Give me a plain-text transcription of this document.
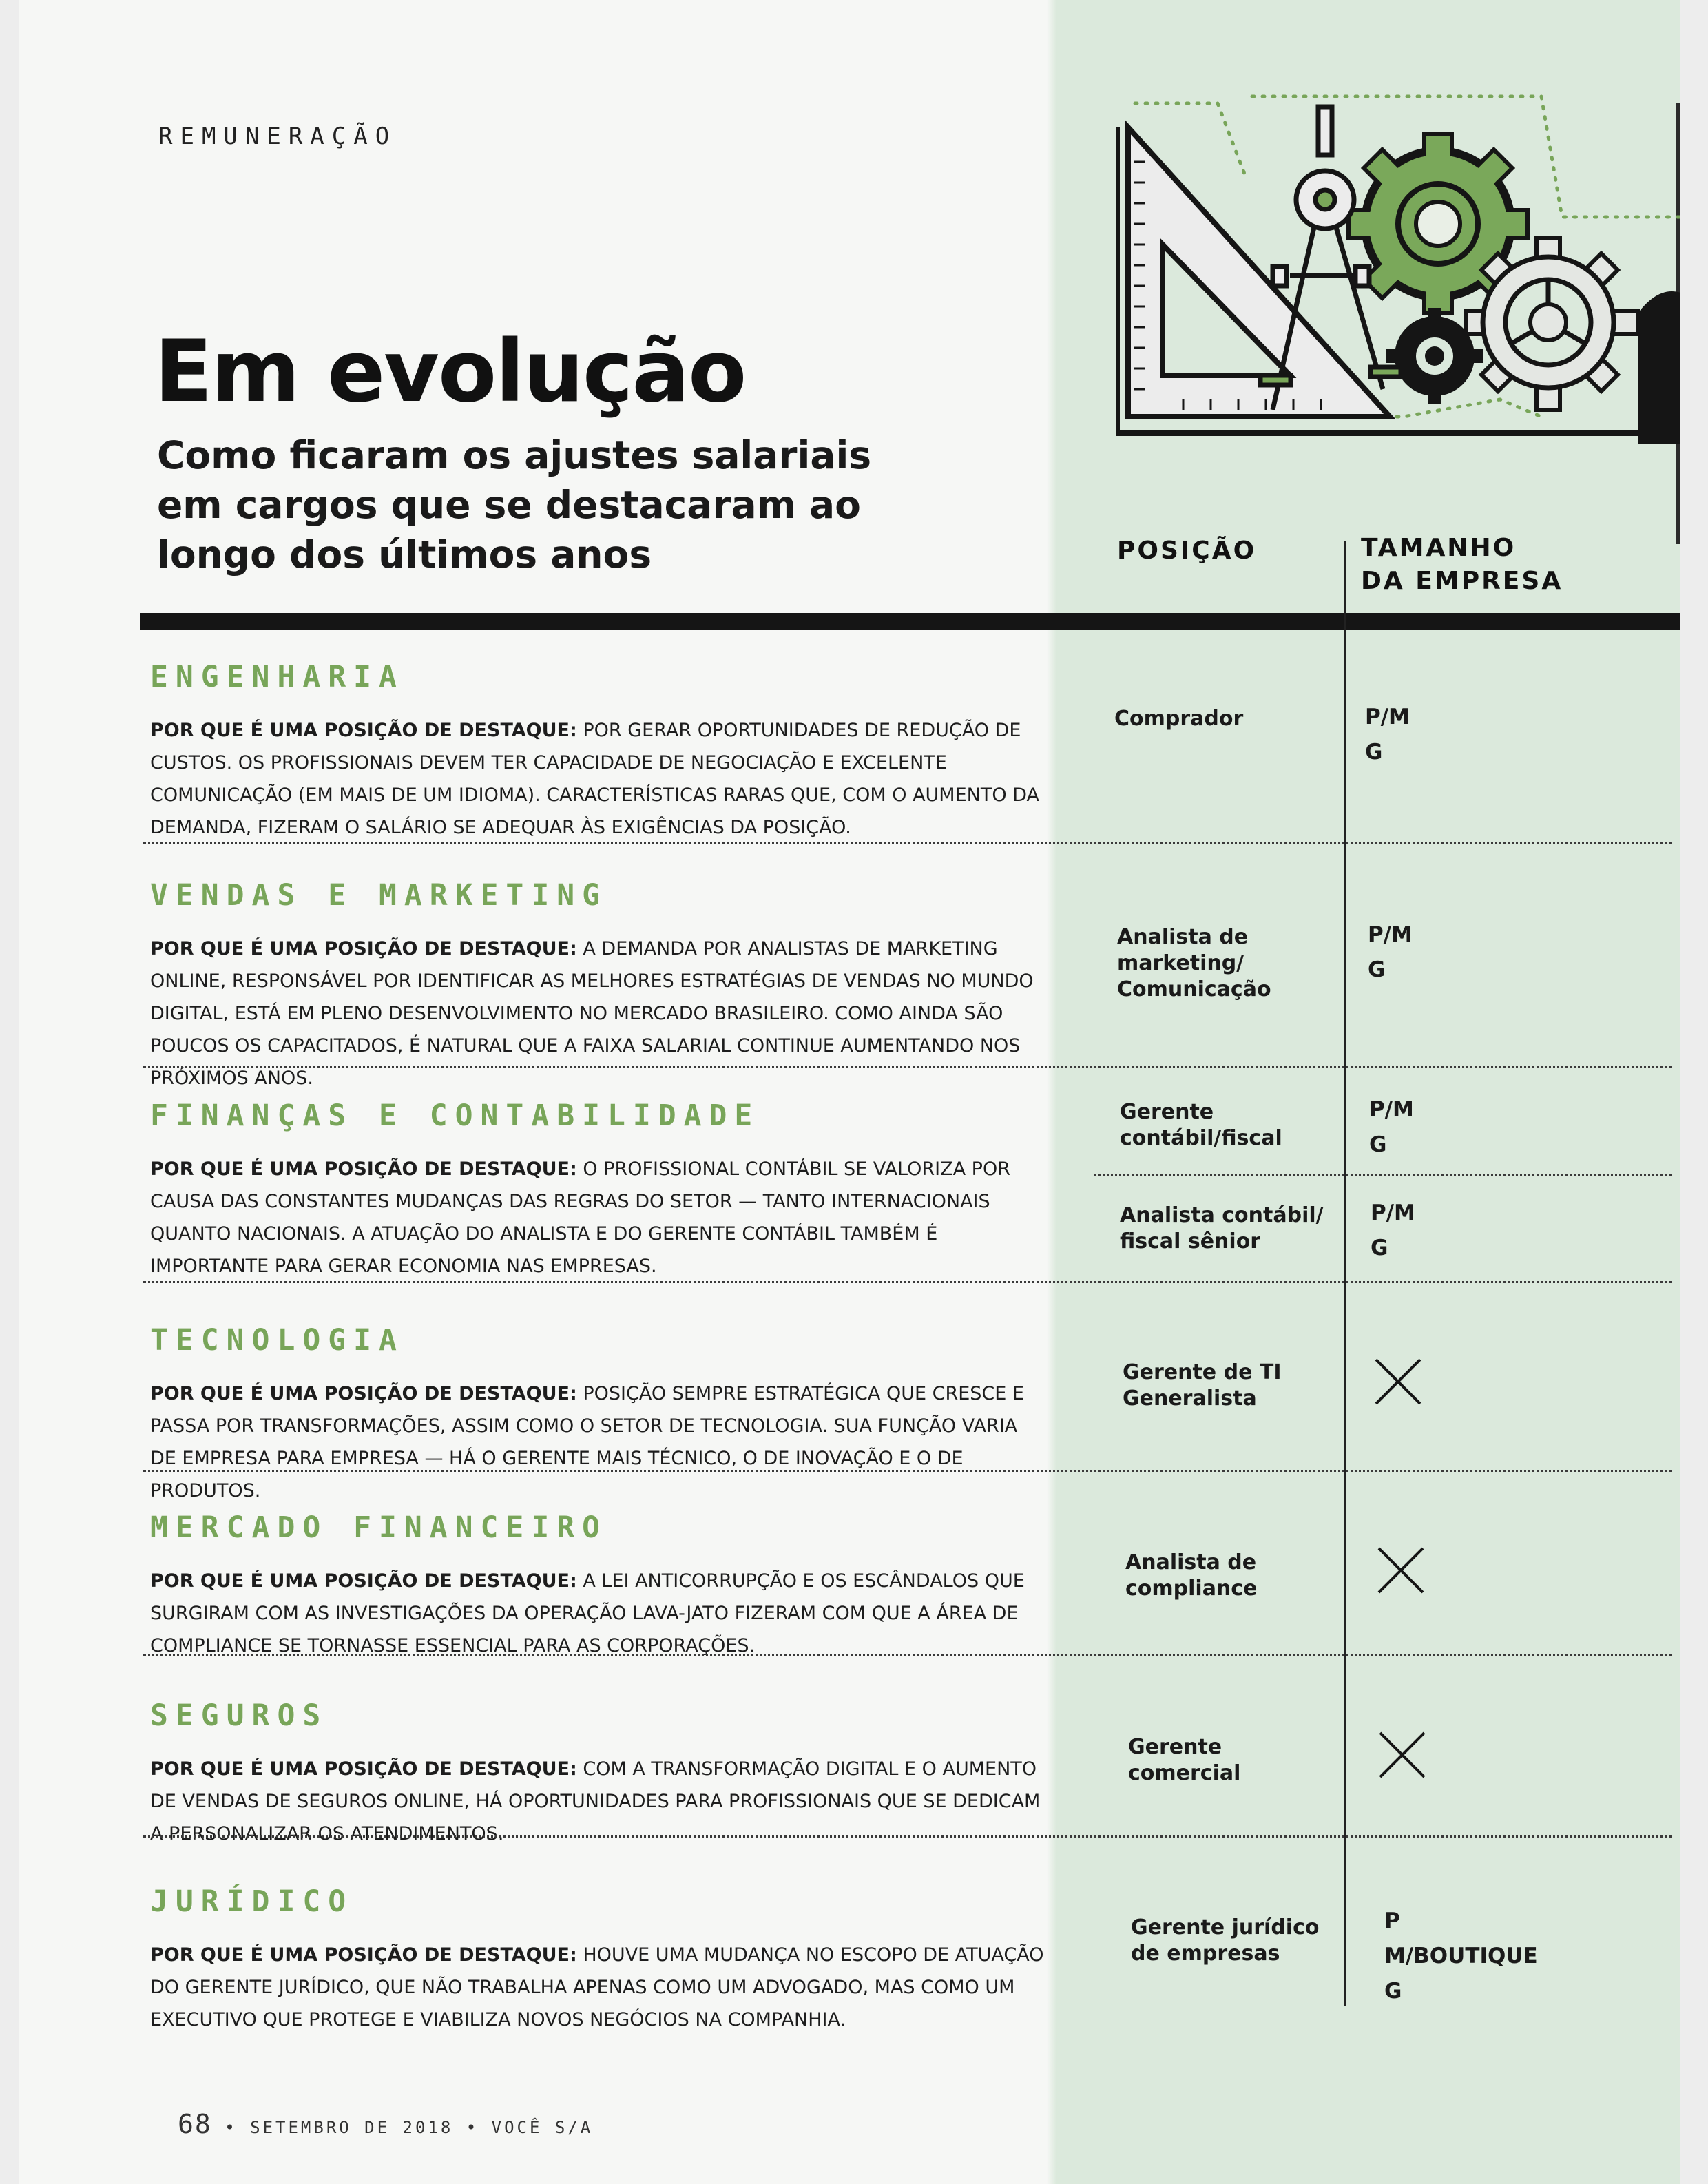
REMUNERAÇÃO
Em evolução
Como ficaram os ajustes salariais em cargos que se destacaram ao longo dos últimos anos	POSIÇÃO	TAMANHO
DA EMPRESA
ENGENHARIA

POR QUE É UMA POSIÇÃO DE DESTAQUE: POR GERAR OPORTUNIDADES DE REDUÇÃO DE CUSTOS. OS PROFISSIONAIS DEVEM TER CAPACIDADE DE NEGOCIAÇÃO E EXCELENTE COMUNICAÇÃO (EM MAIS DE UM IDIOMA). CARACTERÍSTICAS RARAS QUE, COM O AUMENTO DA DEMANDA, FIZERAM O SALÁRIO SE ADEQUAR ÀS EXIGÊNCIAS DA POSIÇÃO.

VENDAS E MARKETING

POR QUE É UMA POSIÇÃO DE DESTAQUE: A DEMANDA POR ANALISTAS DE MARKETING ONLINE, RESPONSÁVEL POR IDENTIFICAR AS MELHORES ESTRATÉGIAS DE VENDAS NO MUNDO DIGITAL, ESTÁ EM PLENO DESENVOLVIMENTO NO MERCADO BRASILEIRO. COMO AINDA SÃO POUCOS OS CAPACITADOS, É NATURAL QUE A FAIXA SALARIAL CONTINUE AUMENTANDO NOS PRÓXIMOS ANOS.

FINANÇAS E CONTABILIDADE

POR QUE É UMA POSIÇÃO DE DESTAQUE: O PROFISSIONAL CONTÁBIL SE VALORIZA POR CAUSA DAS CONSTANTES MUDANÇAS DAS REGRAS DO SETOR — TANTO INTERNACIONAIS QUANTO NACIONAIS. A ATUAÇÃO DO ANALISTA E DO GERENTE CONTÁBIL TAMBÉM É IMPORTANTE PARA GERAR ECONOMIA NAS EMPRESAS.

TECNOLOGIA

POR QUE É UMA POSIÇÃO DE DESTAQUE: POSIÇÃO SEMPRE ESTRATÉGICA QUE CRESCE E PASSA POR TRANSFORMAÇÕES, ASSIM COMO O SETOR DE TECNOLOGIA. SUA FUNÇÃO VARIA DE EMPRESA PARA EMPRESA — HÁ O GERENTE MAIS TÉCNICO, O DE INOVAÇÃO E O DE PRODUTOS.

MERCADO FINANCEIRO

POR QUE É UMA POSIÇÃO DE DESTAQUE: A LEI ANTICORRUPÇÃO E OS ESCÂNDALOS QUE SURGIRAM COM AS INVESTIGAÇÕES DA OPERAÇÃO LAVA-JATO FIZERAM COM QUE A ÁREA DE COMPLIANCE SE TORNASSE ESSENCIAL PARA AS CORPORAÇÕES.

SEGUROS

POR QUE É UMA POSIÇÃO DE DESTAQUE: COM A TRANSFORMAÇÃO DIGITAL E O AUMENTO DE VENDAS DE SEGUROS ONLINE, HÁ OPORTUNIDADES PARA PROFISSIONAIS QUE SE DEDICAM A PERSONALIZAR OS ATENDIMENTOS.

JURÍDICO

POR QUE É UMA POSIÇÃO DE DESTAQUE: HOUVE UMA MUDANÇA NO ESCOPO DE ATUAÇÃO DO GERENTE JURÍDICO, QUE NÃO TRABALHA APENAS COMO UM ADVOGADO, MAS COMO UM EXECUTIVO QUE PROTEGE E VIABILIZA NOVOS NEGÓCIOS NA COMPANHIA.

Comprador
Analista de marketing/ Comunicação
Gerente contábil/fiscal
Analista contábil/ fiscal sênior
Gerente de TI Generalista
Analista de compliance
Gerente comercial
Gerente jurídico de empresas
P/M
G
P/M
G
P/M
G
P/M
G
P
M/BOUTIQUE
G
68 • SETEMBRO DE 2018 • VOCÊ S/A
